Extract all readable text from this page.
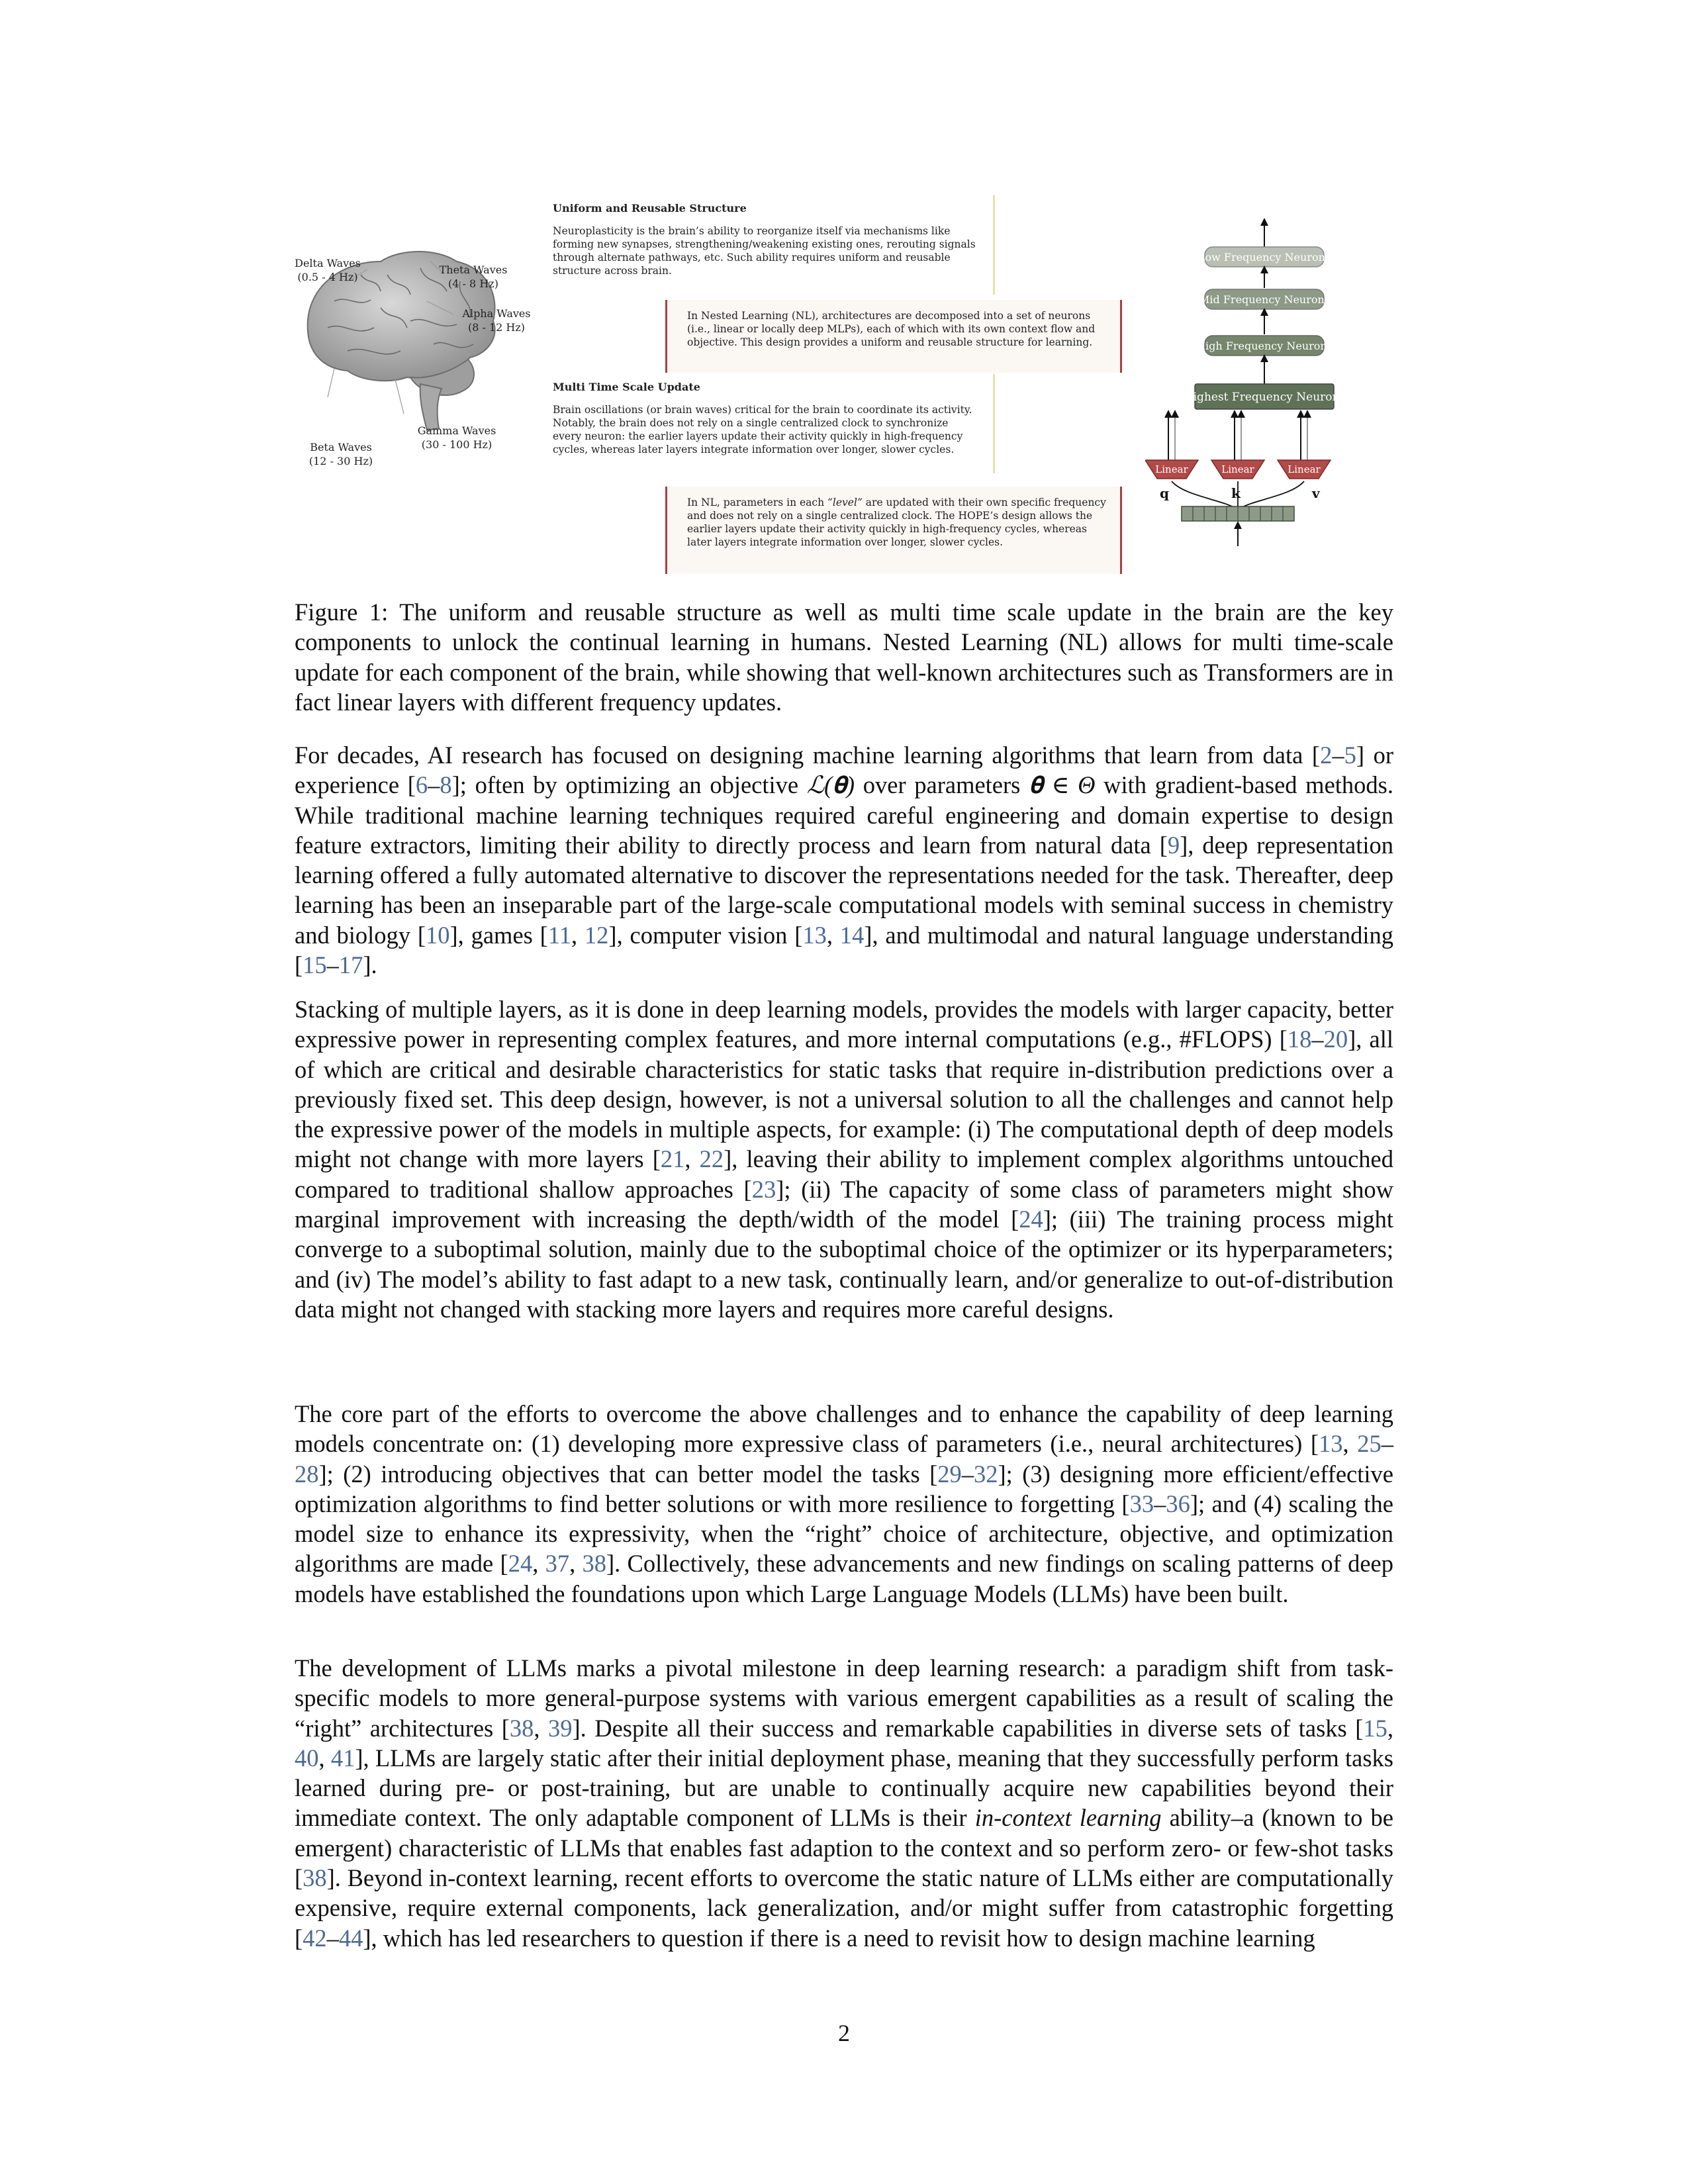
Delta Waves
(0.5 - 4 Hz)
Theta Waves
(4 - 8 Hz)
Alpha Waves
(8 - 12 Hz)
Gamma Waves
(30 - 100 Hz)
Beta Waves
(12 - 30 Hz)
Uniform and Reusable Structure
Neuroplasticity is the brain’s ability to reorganize itself via mechanisms like forming new synapses, strengthening/weakening existing ones, rerouting signals through alternate pathways, etc. Such ability requires uniform and reusable structure across brain.
In Nested Learning (NL), architectures are decomposed into a set of neurons (i.e., linear or locally deep MLPs), each of which with its own context flow and objective. This design provides a uniform and reusable structure for learning.
Multi Time Scale Update
Brain oscillations (or brain waves) critical for the brain to coordinate its activity. Notably, the brain does not rely on a single centralized clock to synchronize every neuron: the earlier layers update their activity quickly in high-frequency cycles, whereas later layers integrate information over longer, slower cycles.
In NL, parameters in each “level” are updated with their own specific frequency and does not rely on a single centralized clock. The HOPE’s design allows the earlier layers update their activity quickly in high-frequency cycles, whereas later layers integrate information over longer, slower cycles.
Low Frequency Neurons
Mid Frequency Neurons
High Frequency Neurons
Highest Frequency Neurons
Linear	Linear	Linear
q	k	v
Figure 1: The uniform and reusable structure as well as multi time scale update in the brain are the key components to unlock the continual learning in humans. Nested Learning (NL) allows for multi time-scale update for each component of the brain, while showing that well-known architectures such as Transformers are in fact linear layers with different frequency updates.
For decades, AI research has focused on designing machine learning algorithms that learn from data [2–5] or experience [6–8]; often by optimizing an objective ℒ(𝛉) over parameters 𝛉 ∈ Θ with gradient-based methods. While traditional machine learning techniques required careful engineering and domain expertise to design feature extractors, limiting their ability to directly process and learn from natural data [9], deep representation learning offered a fully automated alternative to discover the representations needed for the task. Thereafter, deep learning has been an inseparable part of the large-scale computational models with seminal success in chemistry and biology [10], games [11, 12], computer vision [13, 14], and multimodal and natural language understanding [15–17].
Stacking of multiple layers, as it is done in deep learning models, provides the models with larger capacity, better expressive power in representing complex features, and more internal computations (e.g., #FLOPS) [18–20], all of which are critical and desirable characteristics for static tasks that require in-distribution predictions over a previously fixed set. This deep design, however, is not a universal solution to all the challenges and cannot help the expressive power of the models in multiple aspects, for example: (i) The computational depth of deep models might not change with more layers [21, 22], leaving their ability to implement complex algorithms untouched compared to traditional shallow approaches [23]; (ii) The capacity of some class of parameters might show marginal improvement with increasing the depth/width of the model [24]; (iii) The training process might converge to a suboptimal solution, mainly due to the suboptimal choice of the optimizer or its hyperparameters; and (iv) The model’s ability to fast adapt to a new task, continually learn, and/or generalize to out-of-distribution data might not changed with stacking more layers and requires more careful designs.
The core part of the efforts to overcome the above challenges and to enhance the capability of deep learning models concentrate on: (1) developing more expressive class of parameters (i.e., neural architectures) [13, 25–28]; (2) introducing objectives that can better model the tasks [29–32]; (3) designing more efficient/effective optimization algorithms to find better solutions or with more resilience to forgetting [33–36]; and (4) scaling the model size to enhance its expressivity, when the “right” choice of architecture, objective, and optimization algorithms are made [24, 37, 38]. Collectively, these advancements and new findings on scaling patterns of deep models have established the foundations upon which Large Language Models (LLMs) have been built.
The development of LLMs marks a pivotal milestone in deep learning research: a paradigm shift from task-specific models to more general-purpose systems with various emergent capabilities as a result of scaling the “right” architectures [38, 39]. Despite all their success and remarkable capabilities in diverse sets of tasks [15, 40, 41], LLMs are largely static after their initial deployment phase, meaning that they successfully perform tasks learned during pre- or post-training, but are unable to continually acquire new capabilities beyond their immediate context. The only adaptable component of LLMs is their in-context learning ability–a (known to be emergent) characteristic of LLMs that enables fast adaption to the context and so perform zero- or few-shot tasks [38]. Beyond in-context learning, recent efforts to overcome the static nature of LLMs either are computationally expensive, require external components, lack generalization, and/or might suffer from catastrophic forgetting [42–44], which has led researchers to question if there is a need to revisit how to design machine learning
2
